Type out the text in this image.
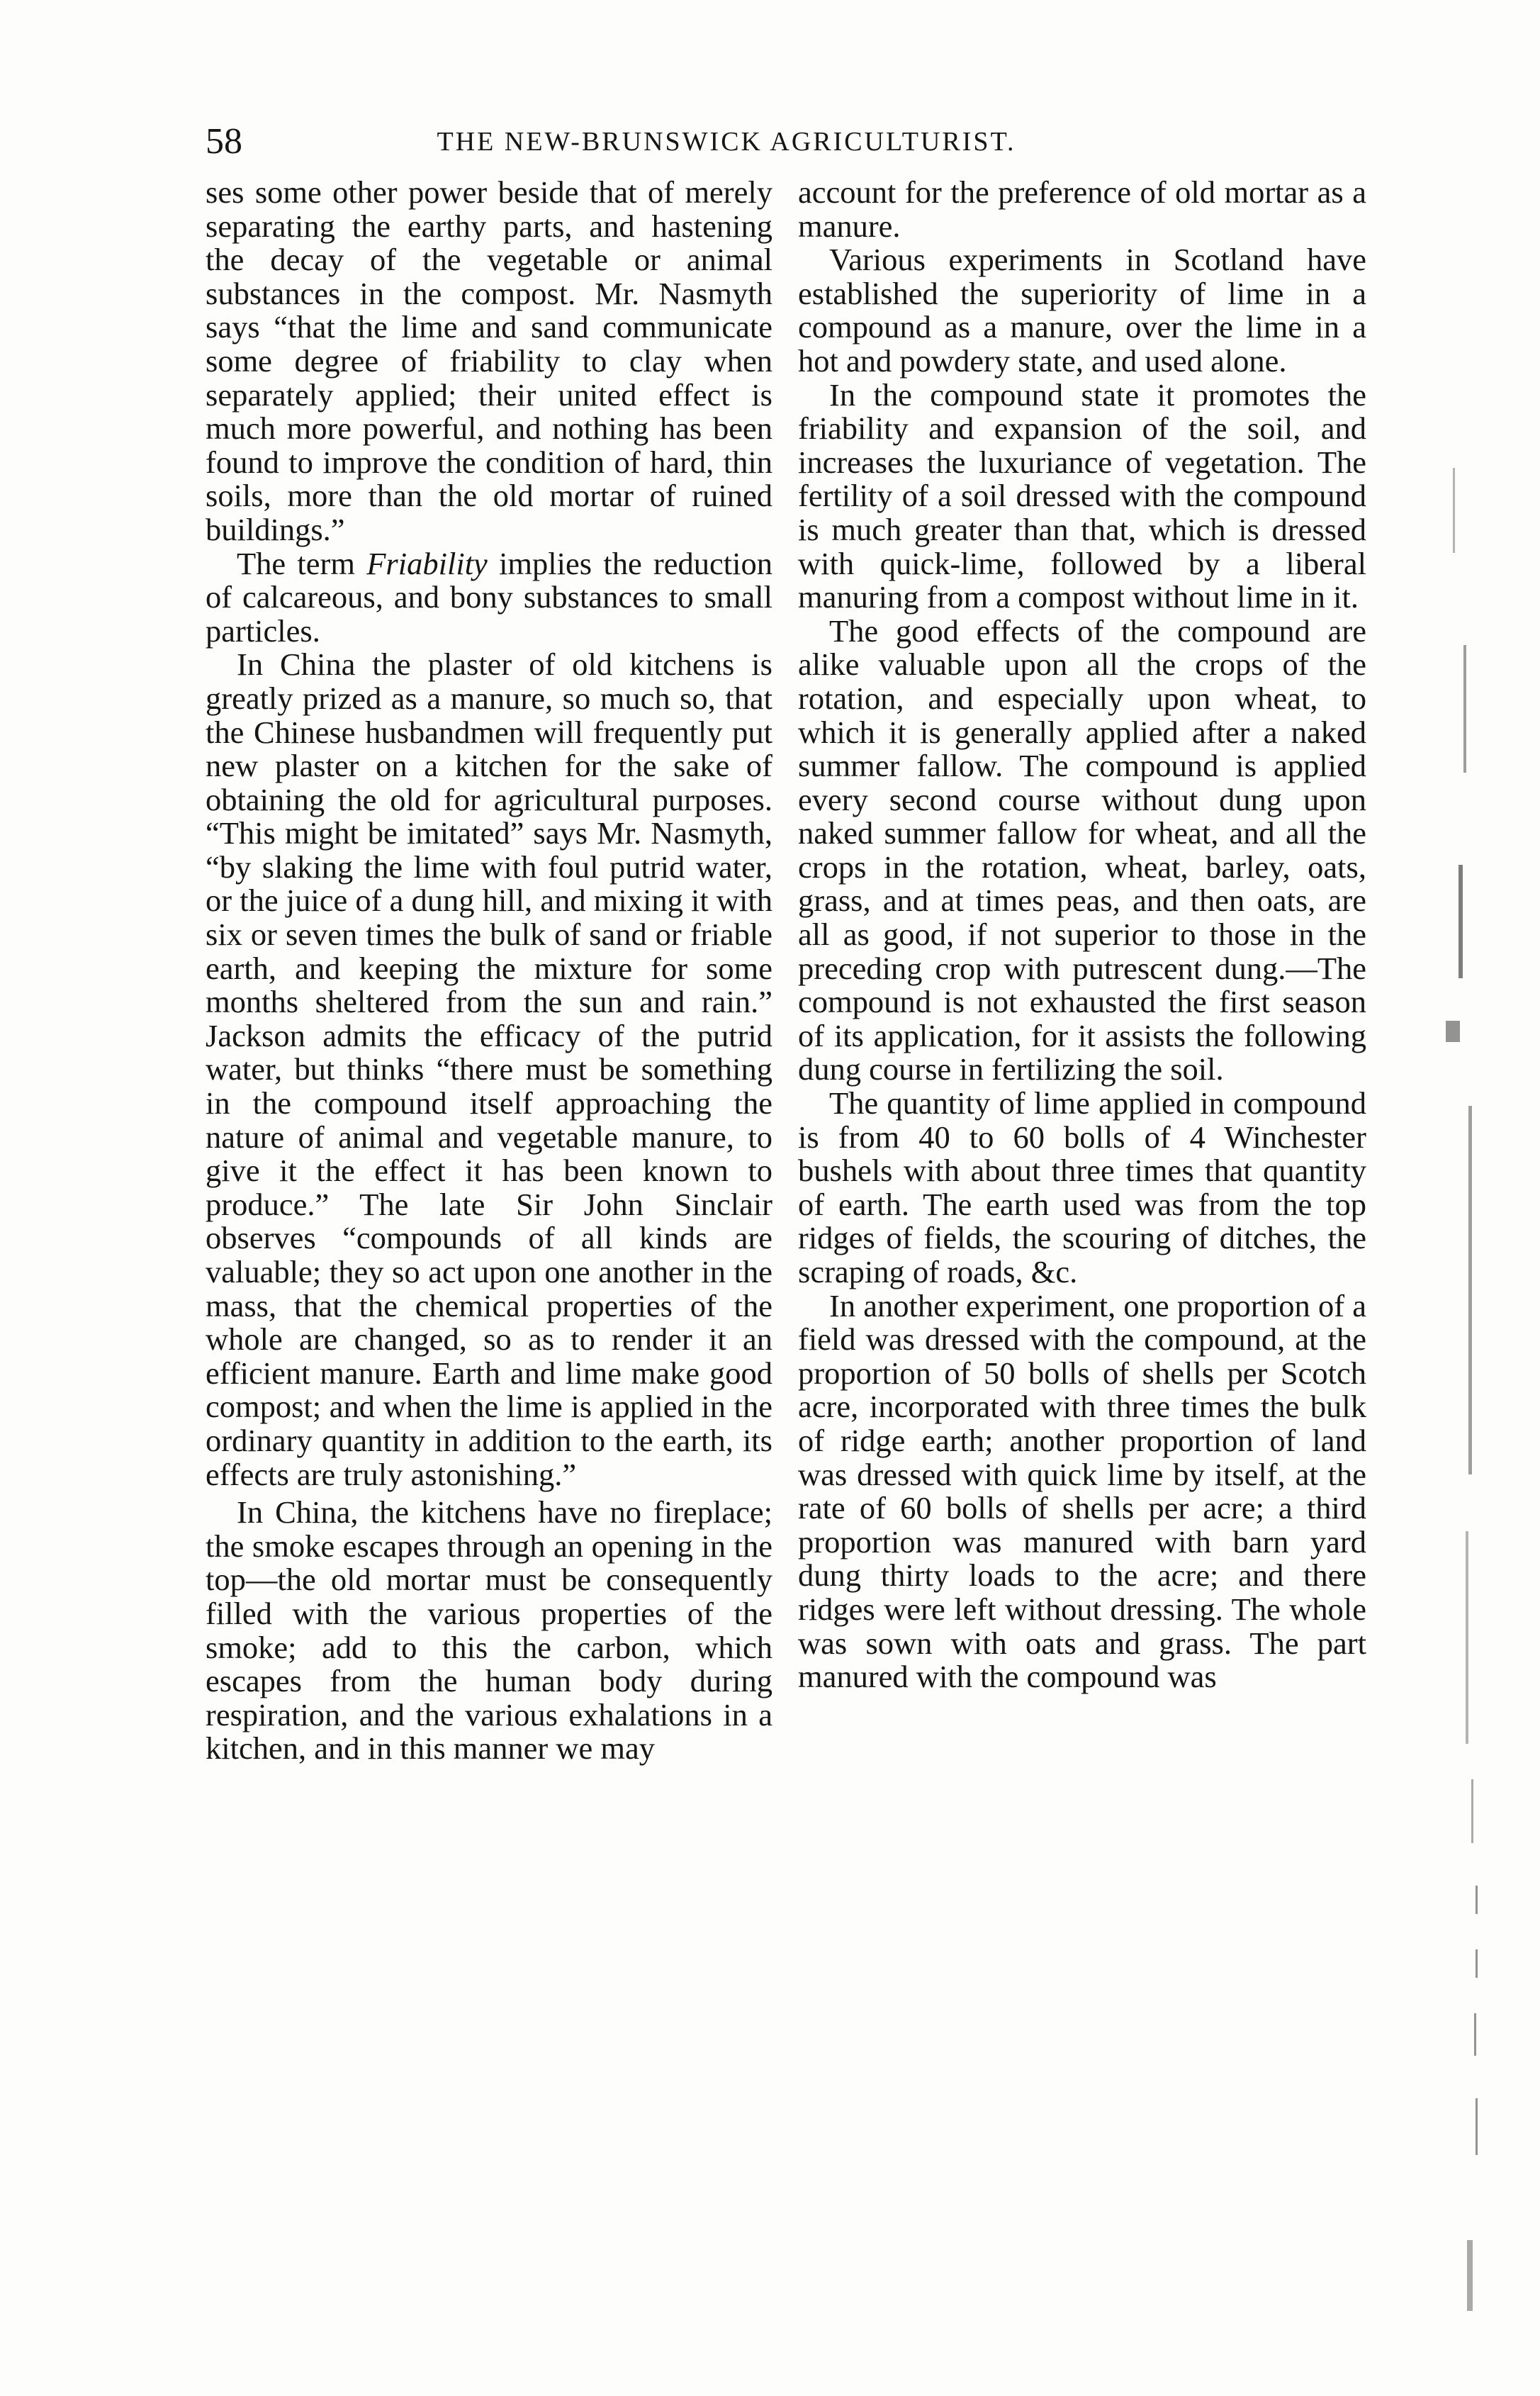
58	THE NEW-BRUNSWICK AGRICULTURIST.

ses some other power beside that of merely separating the earthy parts, and hastening the decay of the vegetable or animal substances in the compost. Mr. Nasmyth says “that the lime and sand communicate some degree of friability to clay when separately applied; their united effect is much more powerful, and nothing has been found to improve the condition of hard, thin soils, more than the old mortar of ruined buildings.”

The term Friability implies the reduction of calcareous, and bony substances to small particles.

In China the plaster of old kitchens is greatly prized as a manure, so much so, that the Chinese husbandmen will frequently put new plaster on a kitchen for the sake of obtaining the old for agricultural purposes. “This might be imitated” says Mr. Nasmyth, “by slaking the lime with foul putrid water, or the juice of a dung hill, and mixing it with six or seven times the bulk of sand or friable earth, and keeping the mixture for some months sheltered from the sun and rain.” Jackson admits the efficacy of the putrid water, but thinks “there must be something in the compound itself approaching the nature of animal and vegetable manure, to give it the effect it has been known to produce.” The late Sir John Sinclair observes “compounds of all kinds are valuable; they so act upon one another in the mass, that the chemical properties of the whole are changed, so as to render it an efficient manure. Earth and lime make good compost; and when the lime is applied in the ordinary quantity in addition to the earth, its effects are truly astonishing.”

In China, the kitchens have no fireplace; the smoke escapes through an opening in the top—the old mortar must be consequently filled with the various properties of the smoke; add to this the carbon, which escapes from the human body during respiration, and the various exhalations in a kitchen, and in this manner we may

account for the preference of old mortar as a manure.

Various experiments in Scotland have established the superiority of lime in a compound as a manure, over the lime in a hot and powdery state, and used alone.

In the compound state it promotes the friability and expansion of the soil, and increases the luxuriance of vegetation. The fertility of a soil dressed with the compound is much greater than that, which is dressed with quick-lime, followed by a liberal manuring from a compost without lime in it.

The good effects of the compound are alike valuable upon all the crops of the rotation, and especially upon wheat, to which it is generally applied after a naked summer fallow. The compound is applied every second course without dung upon naked summer fallow for wheat, and all the crops in the rotation, wheat, barley, oats, grass, and at times peas, and then oats, are all as good, if not superior to those in the preceding crop with putrescent dung.—The compound is not exhausted the first season of its application, for it assists the following dung course in fertilizing the soil.

The quantity of lime applied in compound is from 40 to 60 bolls of 4 Winchester bushels with about three times that quantity of earth. The earth used was from the top ridges of fields, the scouring of ditches, the scraping of roads, &c.

In another experiment, one proportion of a field was dressed with the compound, at the proportion of 50 bolls of shells per Scotch acre, incorporated with three times the bulk of ridge earth; another proportion of land was dressed with quick lime by itself, at the rate of 60 bolls of shells per acre; a third proportion was manured with barn yard dung thirty loads to the acre; and there ridges were left without dressing. The whole was sown with oats and grass. The part manured with the compound was
